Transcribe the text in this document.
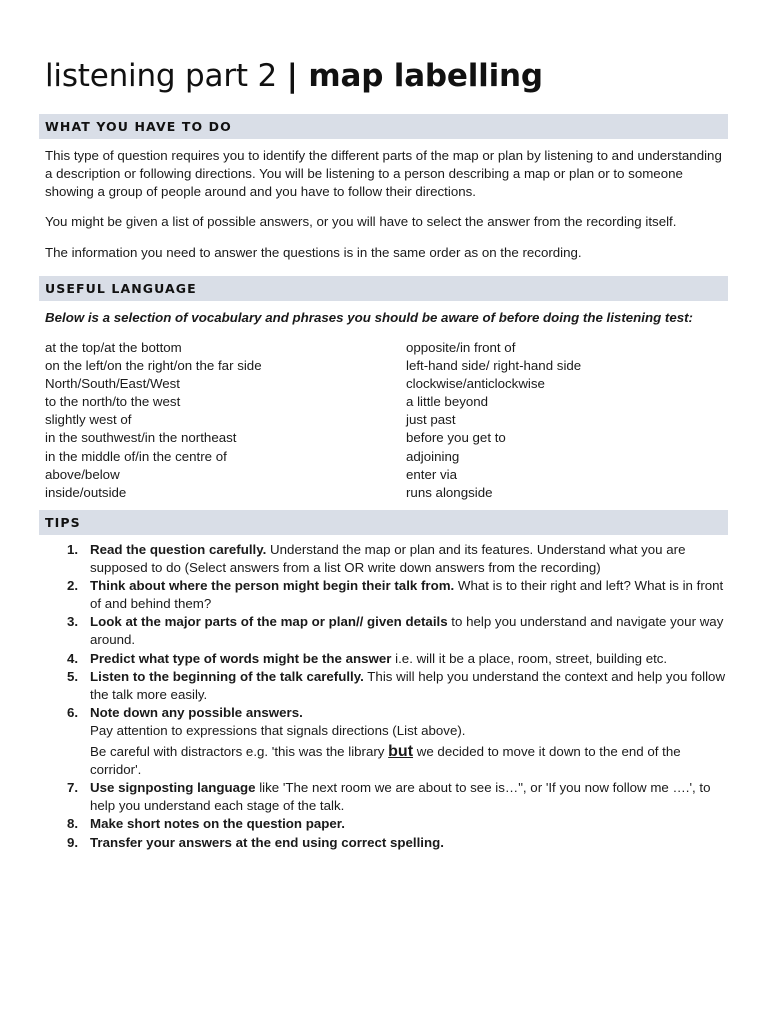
listening part 2 | map labelling
WHAT YOU HAVE TO DO

This type of question requires you to identify the different parts of the map or plan by listening to and understanding a description or following directions. You will be listening to a person describing a map or plan or to someone showing a group of people around and you have to follow their directions.

You might be given a list of possible answers, or you will have to select the answer from the recording itself.

The information you need to answer the questions is in the same order as on the recording.

USEFUL LANGUAGE
Below is a selection of vocabulary and phrases you should be aware of before doing the listening test:
at the top/at the bottom
on the left/on the right/on the far side
North/South/East/West
to the north/to the west
slightly west of
in the southwest/in the northeast
in the middle of/in the centre of
above/below
inside/outside
opposite/in front of
left-hand side/ right-hand side
clockwise/anticlockwise
a little beyond
just past
before you get to
adjoining
enter via
runs alongside
TIPS
1. Read the question carefully. Understand the map or plan and its features. Understand what you are supposed to do (Select answers from a list OR write down answers from the recording)
2. Think about where the person might begin their talk from. What is to their right and left? What is in front of and behind them?
3. Look at the major parts of the map or plan// given details to help you understand and navigate your way around.
4. Predict what type of words might be the answer i.e. will it be a place, room, street, building etc.
5. Listen to the beginning of the talk carefully. This will help you understand the context and help you follow the talk more easily.
6. Note down any possible answers.
Pay attention to expressions that signals directions (List above).
Be careful with distractors e.g. 'this was the library but we decided to move it down to the end of the corridor'.
7. Use signposting language like 'The next room we are about to see is…", or 'If you now follow me ….', to help you understand each stage of the talk.
8. Make short notes on the question paper.
9. Transfer your answers at the end using correct spelling.
